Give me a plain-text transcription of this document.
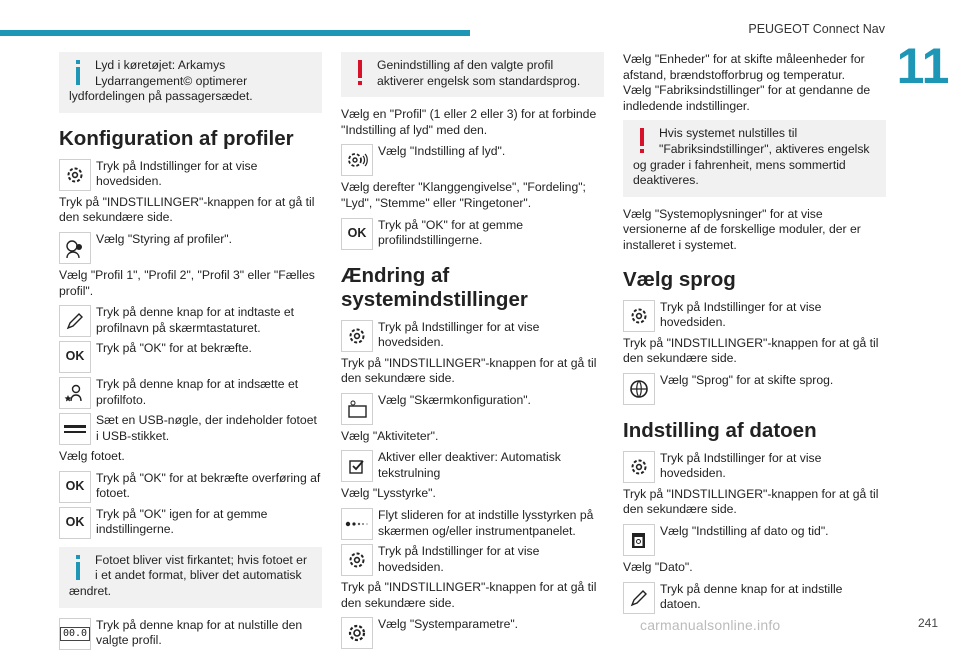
PEUGEOT Connect Nav
11
Lyd i køretøjet: Arkamys Lydarrangement© optimerer lydfordelingen på passagersædet.
Konfiguration af profiler
Tryk på Indstillinger for at vise hovedsiden.

Tryk på "INDSTILLINGER"-knappen for at gå til den sekundære side.

Vælg "Styring af profiler".

Vælg "Profil 1", "Profil 2", "Profil 3" eller "Fælles profil".

Tryk på denne knap for at indtaste et profilnavn på skærmtastaturet.
OK
Tryk på "OK" for at bekræfte.
Tryk på denne knap for at indsætte et profilfoto.
Sæt en USB-nøgle, der indeholder fotoet i USB-stikket.

Vælg fotoet.

OK
Tryk på "OK" for at bekræfte overføring af fotoet.
OK
Tryk på "OK" igen for at gemme indstillingerne.
Fotoet bliver vist firkantet; hvis fotoet er i et andet format, bliver det automatisk ændret.
00.0
Tryk på denne knap for at nulstille den valgte profil.
Genindstilling af den valgte profil aktiverer engelsk som standardsprog.

Vælg en "Profil" (1 eller 2 eller 3) for at forbinde "Indstilling af lyd" med den.

Vælg "Indstilling af lyd".

Vælg derefter "Klanggengivelse", "Fordeling"; "Lyd", "Stemme" eller "Ringetoner".

OK
Tryk på "OK" for at gemme profilindstillingerne.
Ændring af systemindstillinger
Tryk på Indstillinger for at vise hovedsiden.

Tryk på "INDSTILLINGER"-knappen for at gå til den sekundære side.

Vælg "Skærmkonfiguration".

Vælg "Aktiviteter".

Aktiver eller deaktiver: Automatisk tekstrulning

Vælg "Lysstyrke".

Flyt slideren for at indstille lysstyrken på skærmen og/eller instrumentpanelet.
Tryk på Indstillinger for at vise hovedsiden.

Tryk på "INDSTILLINGER"-knappen for at gå til den sekundære side.

Vælg "Systemparametre".

Vælg "Enheder" for at skifte måleenheder for afstand, brændstofforbrug og temperatur.

Vælg "Fabriksindstillinger" for at gendanne de indledende indstillinger.

Hvis systemet nulstilles til "Fabriksindstillinger", aktiveres engelsk og grader i fahrenheit, mens sommertid deaktiveres.

Vælg "Systemoplysninger" for at vise versionerne af de forskellige moduler, der er installeret i systemet.

Vælg sprog
Tryk på Indstillinger for at vise hovedsiden.

Tryk på "INDSTILLINGER"-knappen for at gå til den sekundære side.

Vælg "Sprog" for at skifte sprog.
Indstilling af datoen
Tryk på Indstillinger for at vise hovedsiden.

Tryk på "INDSTILLINGER"-knappen for at gå til den sekundære side.

Vælg "Indstilling af dato og tid".

Vælg "Dato".

Tryk på denne knap for at indstille datoen.
carmanualsonline.info	241
